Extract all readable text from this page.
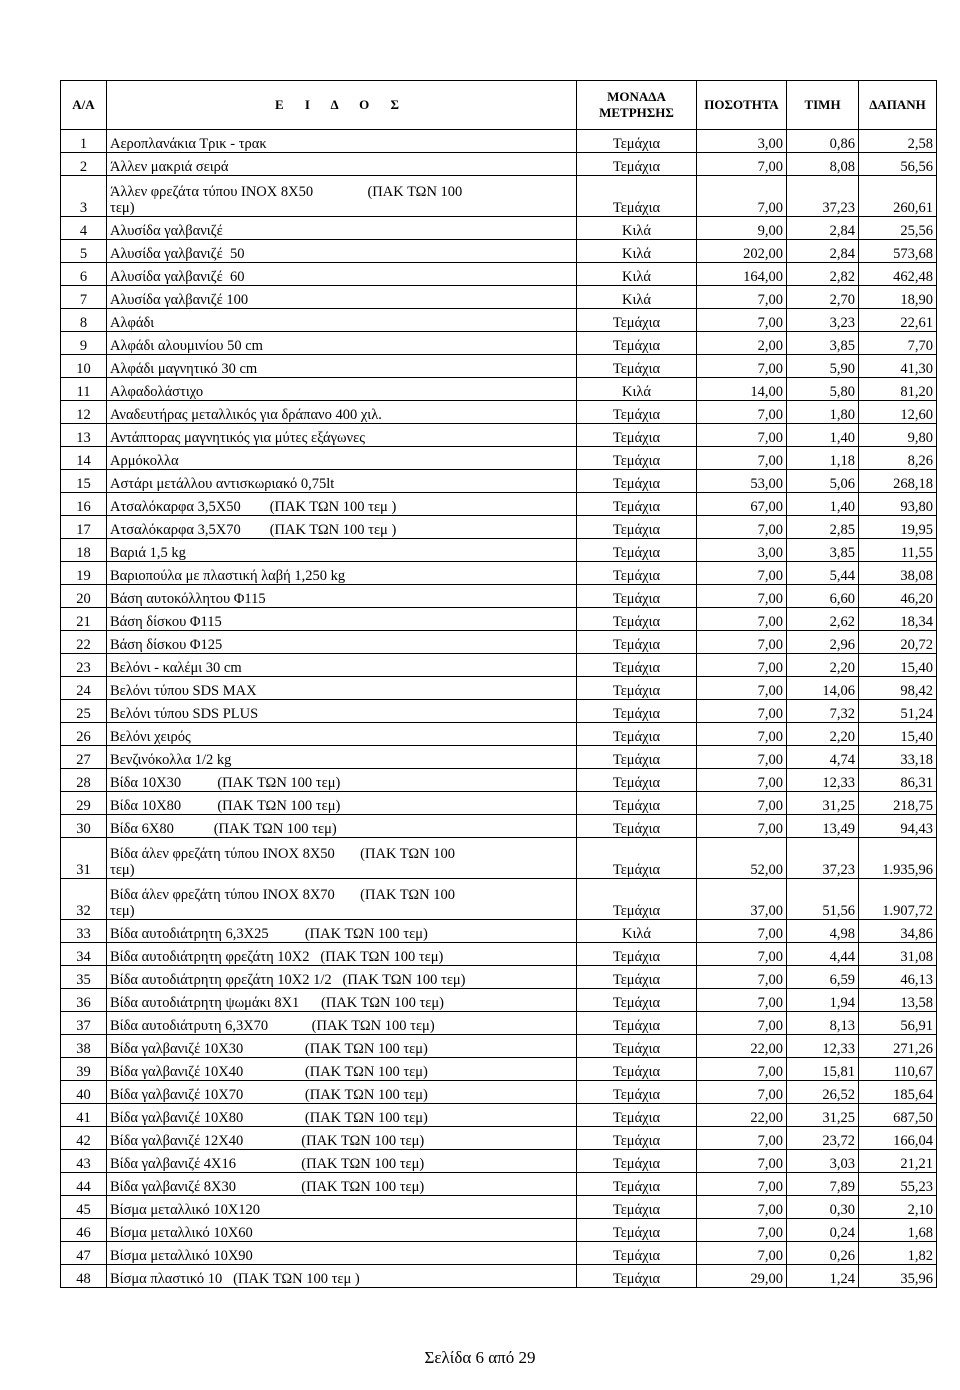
Α/Α	Ε Ι Δ Ο Σ	ΜΟΝΑΔΑ
ΜΕΤΡΗΣΗΣ	ΠΟΣΟΤΗΤΑ	ΤΙΜΗ	ΔΑΠΑΝΗ
1	Αεροπλανάκια Τρικ - τρακ	Τεμάχια	3,00	0,86	2,58
2	Άλλεν μακριά σειρά	Τεμάχια	7,00	8,08	56,56
3	Άλλεν φρεζάτα τύπου INOX 8X50               (ΠΑΚ ΤΩΝ 100
τεμ)	Τεμάχια	7,00	37,23	260,61
4	Αλυσίδα γαλβανιζέ	Κιλά	9,00	2,84	25,56
5	Αλυσίδα γαλβανιζέ  50	Κιλά	202,00	2,84	573,68
6	Αλυσίδα γαλβανιζέ  60	Κιλά	164,00	2,82	462,48
7	Αλυσίδα γαλβανιζέ 100	Κιλά	7,00	2,70	18,90
8	Αλφάδι	Τεμάχια	7,00	3,23	22,61
9	Αλφάδι αλουμινίου 50 cm	Τεμάχια	2,00	3,85	7,70
10	Αλφάδι μαγνητικό 30 cm	Τεμάχια	7,00	5,90	41,30
11	Αλφαδολάστιχο	Κιλά	14,00	5,80	81,20
12	Αναδευτήρας μεταλλικός για δράπανο 400 χιλ.	Τεμάχια	7,00	1,80	12,60
13	Αντάπτορας μαγνητικός για μύτες εξάγωνες	Τεμάχια	7,00	1,40	9,80
14	Αρμόκολλα	Τεμάχια	7,00	1,18	8,26
15	Αστάρι μετάλλου αντισκωριακό 0,75lt	Τεμάχια	53,00	5,06	268,18
16	Ατσαλόκαρφα 3,5Χ50        (ΠΑΚ ΤΩΝ 100 τεμ )	Τεμάχια	67,00	1,40	93,80
17	Ατσαλόκαρφα 3,5Χ70        (ΠΑΚ ΤΩΝ 100 τεμ )	Τεμάχια	7,00	2,85	19,95
18	Βαριά 1,5 kg	Τεμάχια	3,00	3,85	11,55
19	Βαριοπούλα με πλαστική λαβή 1,250 kg	Τεμάχια	7,00	5,44	38,08
20	Βάση αυτοκόλλητου Φ115	Τεμάχια	7,00	6,60	46,20
21	Βάση δίσκου Φ115	Τεμάχια	7,00	2,62	18,34
22	Βάση δίσκου Φ125	Τεμάχια	7,00	2,96	20,72
23	Βελόνι - καλέμι 30 cm	Τεμάχια	7,00	2,20	15,40
24	Βελόνι τύπου SDS MAX	Τεμάχια	7,00	14,06	98,42
25	Βελόνι τύπου SDS PLUS	Τεμάχια	7,00	7,32	51,24
26	Βελόνι χειρός	Τεμάχια	7,00	2,20	15,40
27	Βενζινόκολλα 1/2 kg	Τεμάχια	7,00	4,74	33,18
28	Βίδα 10Χ30          (ΠΑΚ ΤΩΝ 100 τεμ)	Τεμάχια	7,00	12,33	86,31
29	Βίδα 10Χ80          (ΠΑΚ ΤΩΝ 100 τεμ)	Τεμάχια	7,00	31,25	218,75
30	Βίδα 6Χ80           (ΠΑΚ ΤΩΝ 100 τεμ)	Τεμάχια	7,00	13,49	94,43
31	Βίδα άλεν φρεζάτη τύπου INOX 8X50       (ΠΑΚ ΤΩΝ 100
τεμ)	Τεμάχια	52,00	37,23	1.935,96
32	Βίδα άλεν φρεζάτη τύπου INOX 8X70       (ΠΑΚ ΤΩΝ 100
τεμ)	Τεμάχια	37,00	51,56	1.907,72
33	Βίδα αυτοδιάτρητη 6,3Χ25          (ΠΑΚ ΤΩΝ 100 τεμ)	Κιλά	7,00	4,98	34,86
34	Βίδα αυτοδιάτρητη φρεζάτη 10Χ2   (ΠΑΚ ΤΩΝ 100 τεμ)	Τεμάχια	7,00	4,44	31,08
35	Βίδα αυτοδιάτρητη φρεζάτη 10Χ2 1/2   (ΠΑΚ ΤΩΝ 100 τεμ)	Τεμάχια	7,00	6,59	46,13
36	Βίδα αυτοδιάτρητη ψωμάκι 8Χ1      (ΠΑΚ ΤΩΝ 100 τεμ)	Τεμάχια	7,00	1,94	13,58
37	Βίδα αυτοδιάτρυτη 6,3Χ70            (ΠΑΚ ΤΩΝ 100 τεμ)	Τεμάχια	7,00	8,13	56,91
38	Βίδα γαλβανιζέ 10Χ30                 (ΠΑΚ ΤΩΝ 100 τεμ)	Τεμάχια	22,00	12,33	271,26
39	Βίδα γαλβανιζέ 10Χ40                 (ΠΑΚ ΤΩΝ 100 τεμ)	Τεμάχια	7,00	15,81	110,67
40	Βίδα γαλβανιζέ 10Χ70                 (ΠΑΚ ΤΩΝ 100 τεμ)	Τεμάχια	7,00	26,52	185,64
41	Βίδα γαλβανιζέ 10Χ80                 (ΠΑΚ ΤΩΝ 100 τεμ)	Τεμάχια	22,00	31,25	687,50
42	Βίδα γαλβανιζέ 12Χ40                (ΠΑΚ ΤΩΝ 100 τεμ)	Τεμάχια	7,00	23,72	166,04
43	Βίδα γαλβανιζέ 4Χ16                  (ΠΑΚ ΤΩΝ 100 τεμ)	Τεμάχια	7,00	3,03	21,21
44	Βίδα γαλβανιζέ 8Χ30                  (ΠΑΚ ΤΩΝ 100 τεμ)	Τεμάχια	7,00	7,89	55,23
45	Βίσμα μεταλλικό 10Χ120	Τεμάχια	7,00	0,30	2,10
46	Βίσμα μεταλλικό 10Χ60	Τεμάχια	7,00	0,24	1,68
47	Βίσμα μεταλλικό 10Χ90	Τεμάχια	7,00	0,26	1,82
48	Βίσμα πλαστικό 10   (ΠΑΚ ΤΩΝ 100 τεμ )	Τεμάχια	29,00	1,24	35,96
Σελίδα 6 από 29
